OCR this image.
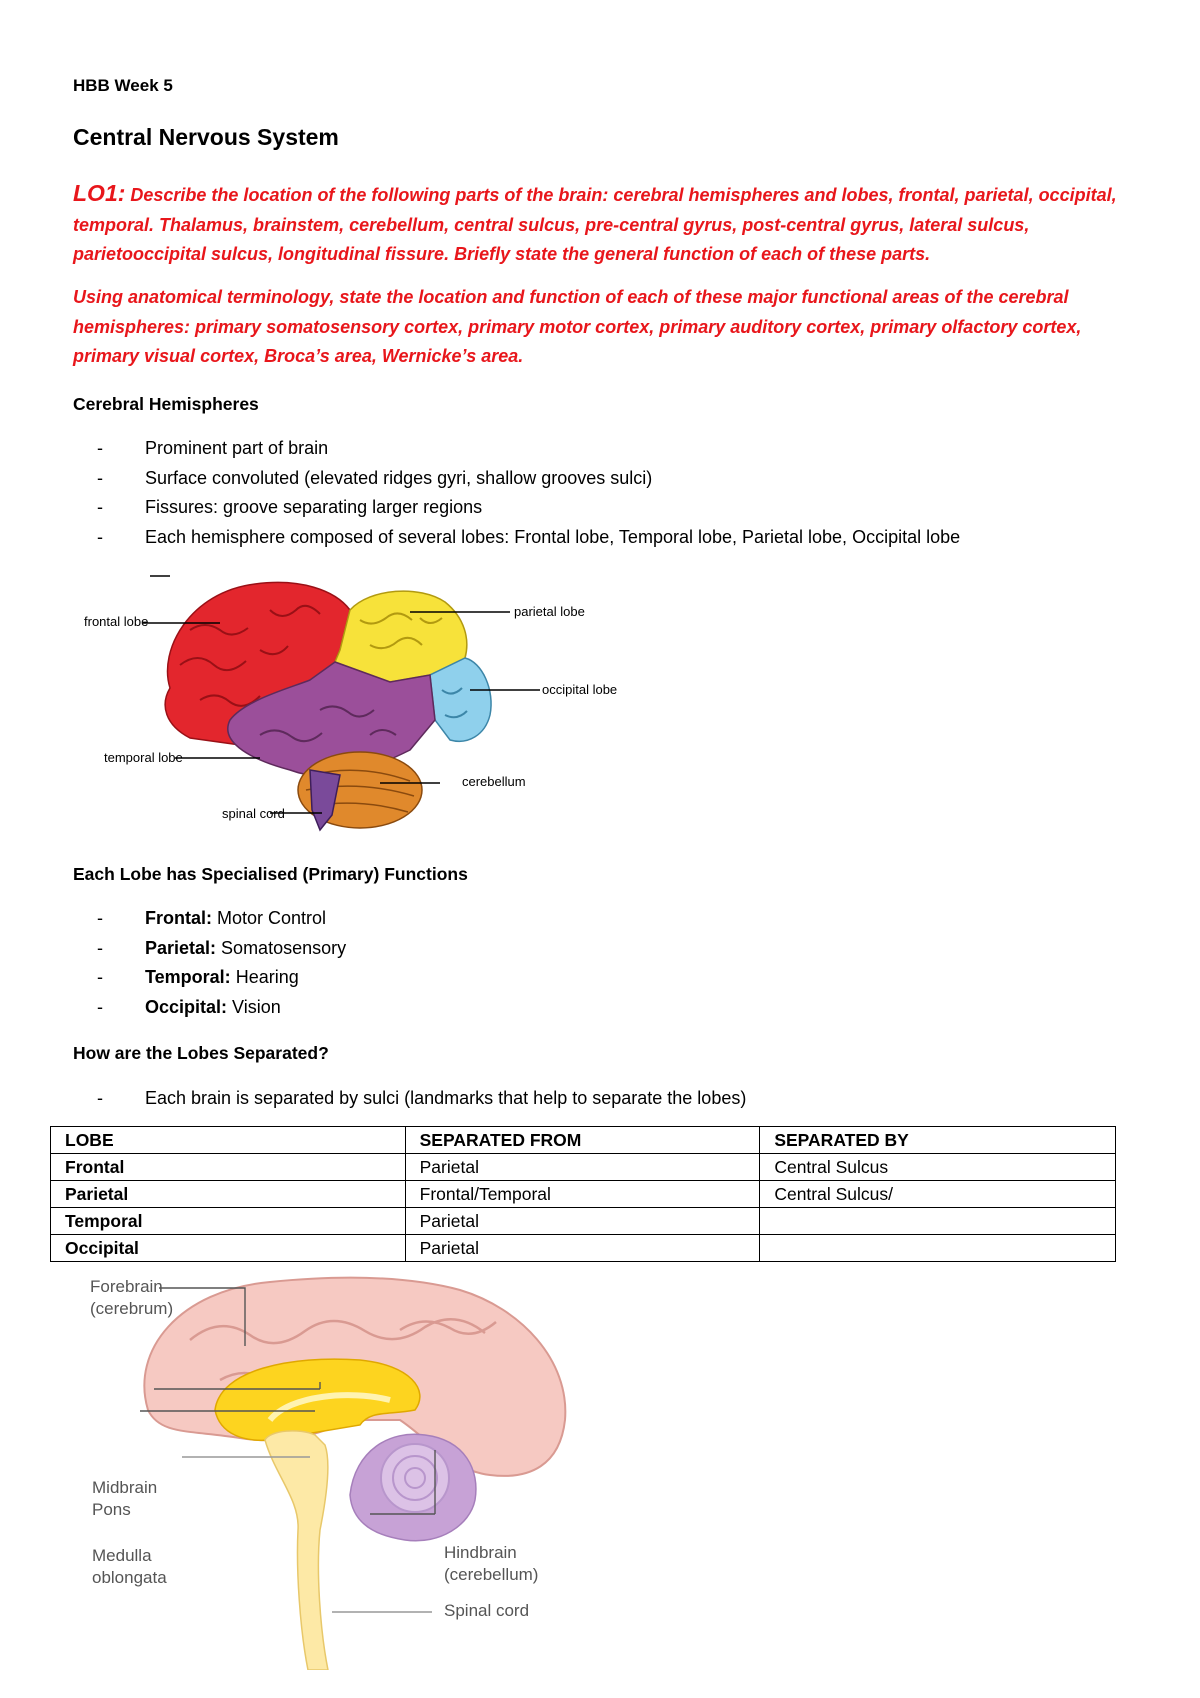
HBB Week 5
Central Nervous System
LO1: Describe the location of the following parts of the brain: cerebral hemispheres and lobes, frontal, parietal, occipital, temporal. Thalamus, brainstem, cerebellum, central sulcus, pre-central gyrus, post-central gyrus, lateral sulcus, parietooccipital sulcus, longitudinal fissure. Briefly state the general function of each of these parts.
Using anatomical terminology, state the location and function of each of these major functional areas of the cerebral hemispheres: primary somatosensory cortex, primary motor cortex, primary auditory cortex, primary olfactory cortex, primary visual cortex, Broca’s area, Wernicke’s area.
Cerebral Hemispheres
- Prominent part of brain
- Surface convoluted (elevated ridges gyri, shallow grooves sulci)
- Fissures: groove separating larger regions
- Each hemisphere composed of several lobes: Frontal lobe, Temporal lobe, Parietal lobe, Occipital lobe
frontal lobe
parietal lobe
occipital lobe
temporal lobe
cerebellum
spinal cord
Each Lobe has Specialised (Primary) Functions
- Frontal: Motor Control
- Parietal: Somatosensory
- Temporal: Hearing
- Occipital: Vision
How are the Lobes Separated?
- Each brain is separated by sulci (landmarks that help to separate the lobes)
LOBE	SEPARATED FROM	SEPARATED BY
Frontal	Parietal	Central Sulcus
Parietal	Frontal/Temporal	Central Sulcus/
Temporal	Parietal	
Occipital	Parietal	
Forebrain
(cerebrum)
Midbrain
Pons
Medulla
oblongata
Hindbrain
(cerebellum)
Spinal cord
